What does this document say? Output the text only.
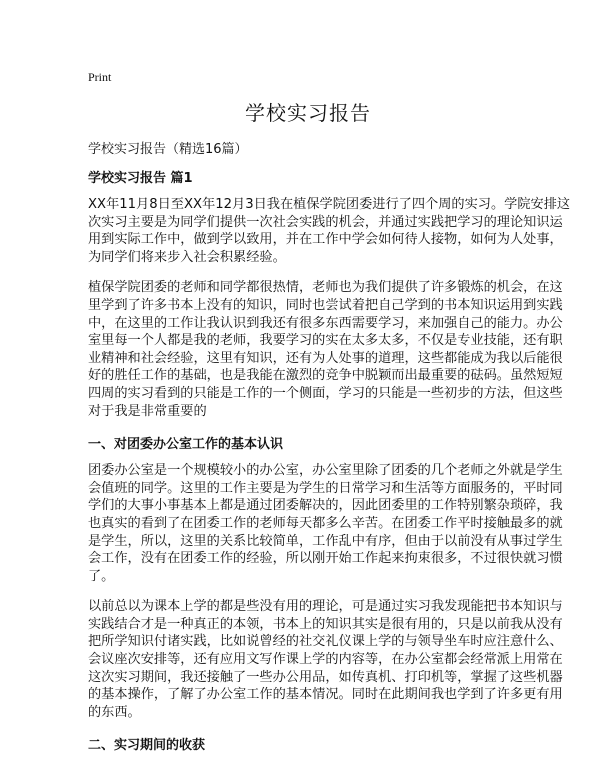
Print
学校实习报告
学校实习报告（精选16篇）
学校实习报告 篇1
XX年11月8日至XX年12月3日我在植保学院团委进行了四个周的实习。学院安排这
次实习主要是为同学们提供一次社会实践的机会，并通过实践把学习的理论知识运
用到实际工作中，做到学以致用，并在工作中学会如何待人接物，如何为人处事，
为同学们将来步入社会积累经验。
植保学院团委的老师和同学都很热情，老师也为我们提供了许多锻炼的机会，在这
里学到了许多书本上没有的知识，同时也尝试着把自己学到的书本知识运用到实践
中，在这里的工作让我认识到我还有很多东西需要学习，来加强自己的能力。办公
室里每一个人都是我的老师，我要学习的实在太多太多，不仅是专业技能，还有职
业精神和社会经验，这里有知识，还有为人处事的道理，这些都能成为我以后能很
好的胜任工作的基础，也是我能在激烈的竞争中脱颖而出最重要的砝码。虽然短短
四周的实习看到的只能是工作的一个侧面，学习的只能是一些初步的方法，但这些
对于我是非常重要的
一、对团委办公室工作的基本认识
团委办公室是一个规模较小的办公室，办公室里除了团委的几个老师之外就是学生
会值班的同学。这里的工作主要是为学生的日常学习和生活等方面服务的，平时同
学们的大事小事基本上都是通过团委解决的，因此团委里的工作特别繁杂琐碎，我
也真实的看到了在团委工作的老师每天都多么辛苦。在团委工作平时接触最多的就
是学生，所以，这里的关系比较简单，工作乱中有序，但由于以前没有从事过学生
会工作，没有在团委工作的经验，所以刚开始工作起来拘束很多，不过很快就习惯
了。
以前总以为课本上学的都是些没有用的理论，可是通过实习我发现能把书本知识与
实践结合才是一种真正的本领，书本上的知识其实是很有用的，只是以前我从没有
把所学知识付诸实践，比如说曾经的社交礼仪课上学的与领导坐车时应注意什么、
会议座次安排等，还有应用文写作课上学的内容等，在办公室都会经常派上用常在
这次实习期间，我还接触了一些办公用品，如传真机、打印机等，掌握了这些机器
的基本操作，了解了办公室工作的基本情况。同时在此期间我也学到了许多更有用
的东西。
二、实习期间的收获
